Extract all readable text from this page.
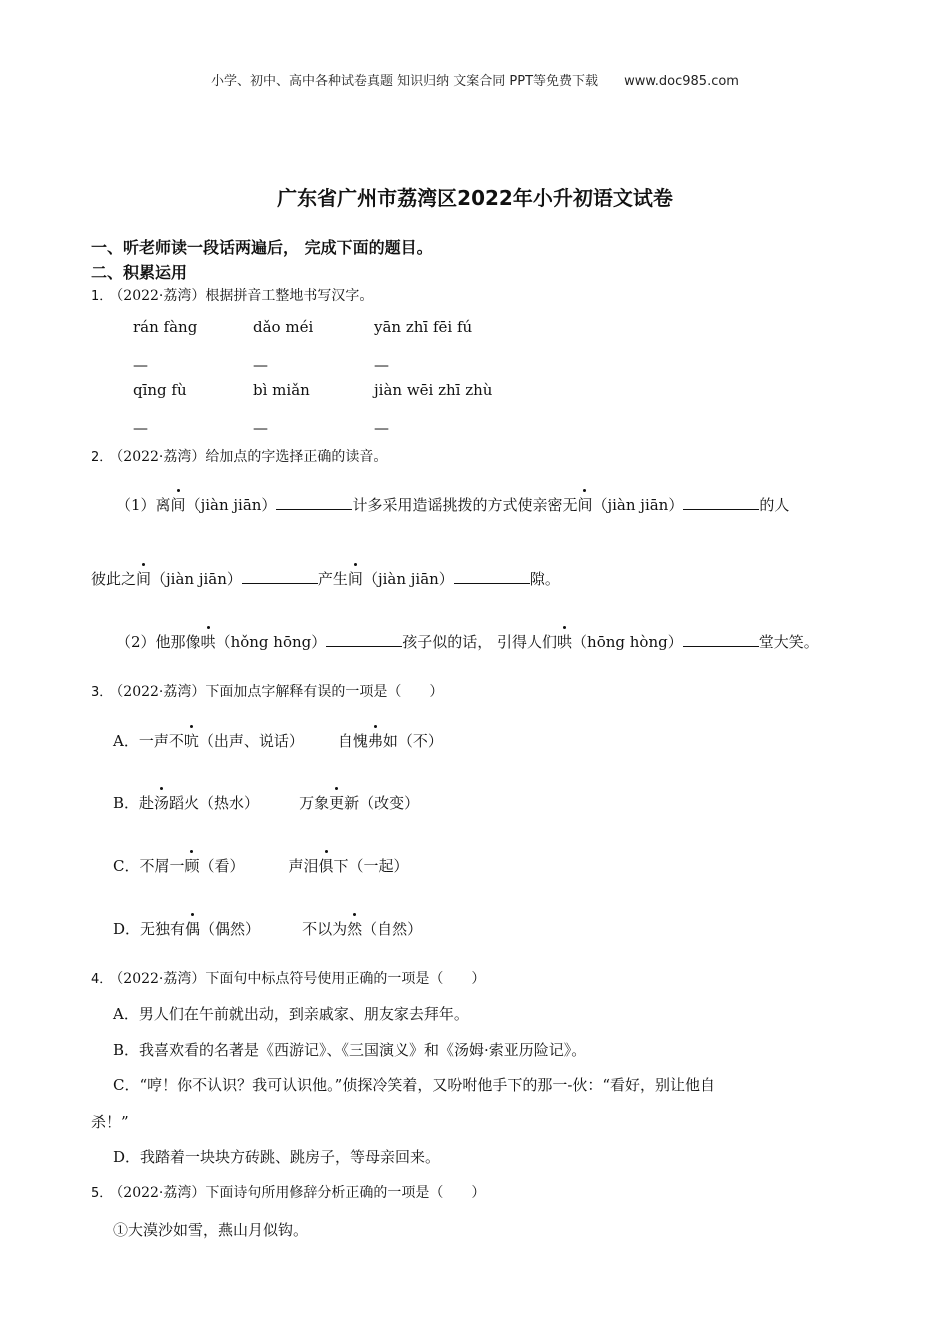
小学、初中、高中各种试卷真题 知识归纳 文案合同 PPT等免费下载 www.doc985.com
广东省广州市荔湾区2022年小升初语文试卷
一、听老师读一段话两遍后， 完成下面的题目。
二、积累运用
1． （2022·荔湾）根据拼音工整地书写汉字。
rán fàng	dǎo méi	yān zhī fēi fú
—	—	—
qīng fù	bì miǎn	jiàn wēi zhī zhù
—	—	—
2． （2022·荔湾）给加点的字选择正确的读音。
（1）离间（jiàn jiān）	计多采用造谣挑拨的方式使亲密无间（jiàn jiān）	的人
彼此之间（jiàn jiān）	产生间（jiàn jiān）	隙。
（2）他那像哄（hǒng hōng）	孩子似的话， 引得人们哄（hōng hòng）	堂大笑。
3． （2022·荔湾）下面加点字解释有误的一项是（　　）
A．一声不吭（出声、说话） 自愧弗如（不）
B．赴汤蹈火（热水）	万象更新（改变）
C．不屑一顾（看）	声泪俱下（一起）
D．无独有偶（偶然）	不以为然（自然）
4． （2022·荔湾）下面句中标点符号使用正确的一项是（　　）
A．男人们在午前就出动，到亲戚家、朋友家去拜年。
B．我喜欢看的名著是《西游记》、《三国演义》和《汤姆·索亚历险记》。
C．“哼！你不认识？我可认识他。”侦探冷笑着，又吩咐他手下的那一-伙：“看好，别让他自
杀！”
D．我踏着一块块方砖跳、跳房子，等母亲回来。
5． （2022·荔湾）下面诗句所用修辞分析正确的一项是（　　）
①大漠沙如雪，燕山月似钩。
